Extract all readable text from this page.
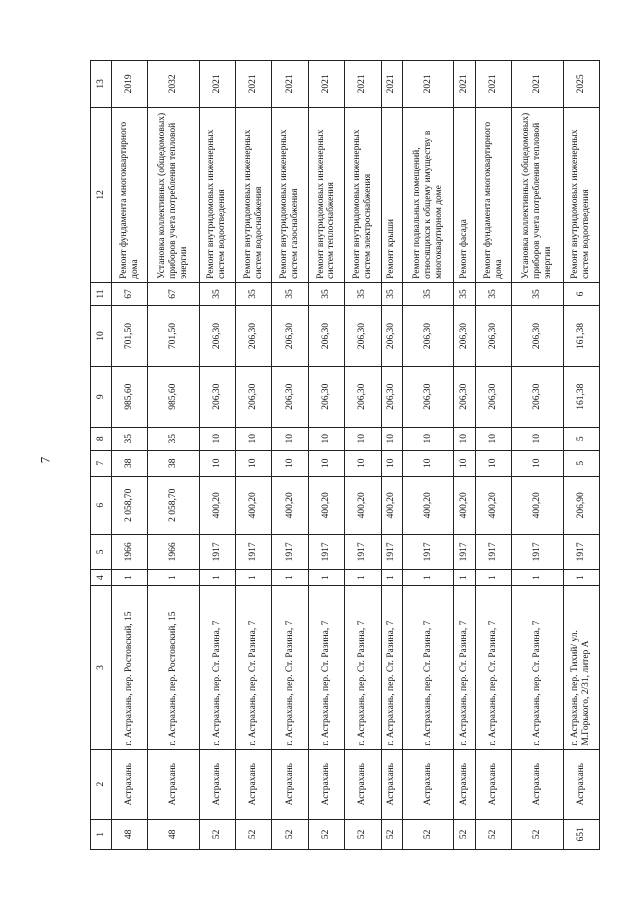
7
1	2	3	4	5	6	7	8	9	10	11	12	13
48	Астрахань	г. Астрахань, пер. Ростовский, 15	1	1966	2 058,70	38	35	985,60	701,50	67	Ремонт фундамента многоквартирного дома	2019
48	Астрахань	г. Астрахань, пер. Ростовский, 15	1	1966	2 058,70	38	35	985,60	701,50	67	Установка коллективных (общедомовых) приборов учета потребления тепловой энергии	2032
52	Астрахань	г. Астрахань, пер. Ст. Разина, 7	1	1917	400,20	10	10	206,30	206,30	35	Ремонт внутридомовых инженерных систем водоотведения	2021
52	Астрахань	г. Астрахань, пер. Ст. Разина, 7	1	1917	400,20	10	10	206,30	206,30	35	Ремонт внутридомовых инженерных систем водоснабжения	2021
52	Астрахань	г. Астрахань, пер. Ст. Разина, 7	1	1917	400,20	10	10	206,30	206,30	35	Ремонт внутридомовых инженерных систем газоснабжения	2021
52	Астрахань	г. Астрахань, пер. Ст. Разина, 7	1	1917	400,20	10	10	206,30	206,30	35	Ремонт внутридомовых инженерных систем теплоснабжения	2021
52	Астрахань	г. Астрахань, пер. Ст. Разина, 7	1	1917	400,20	10	10	206,30	206,30	35	Ремонт внутридомовых инженерных систем электроснабжения	2021
52	Астрахань	г. Астрахань, пер. Ст. Разина, 7	1	1917	400,20	10	10	206,30	206,30	35	Ремонт крыши	2021
52	Астрахань	г. Астрахань, пер. Ст. Разина, 7	1	1917	400,20	10	10	206,30	206,30	35	Ремонт подвальных помещений, относящихся к общему имуществу в многоквартирном доме	2021
52	Астрахань	г. Астрахань, пер. Ст. Разина, 7	1	1917	400,20	10	10	206,30	206,30	35	Ремонт фасада	2021
52	Астрахань	г. Астрахань, пер. Ст. Разина, 7	1	1917	400,20	10	10	206,30	206,30	35	Ремонт фундамента многоквартирного дома	2021
52	Астрахань	г. Астрахань, пер. Ст. Разина, 7	1	1917	400,20	10	10	206,30	206,30	35	Установка коллективных (общедомовых) приборов учета потребления тепловой энергии	2021
651	Астрахань	г. Астрахань, пер. Тихий/ ул. М.Горького, 2/31, литер А	1	1917	206,90	5	5	161,38	161,38	6	Ремонт внутридомовых инженерных систем водоотведения	2025
